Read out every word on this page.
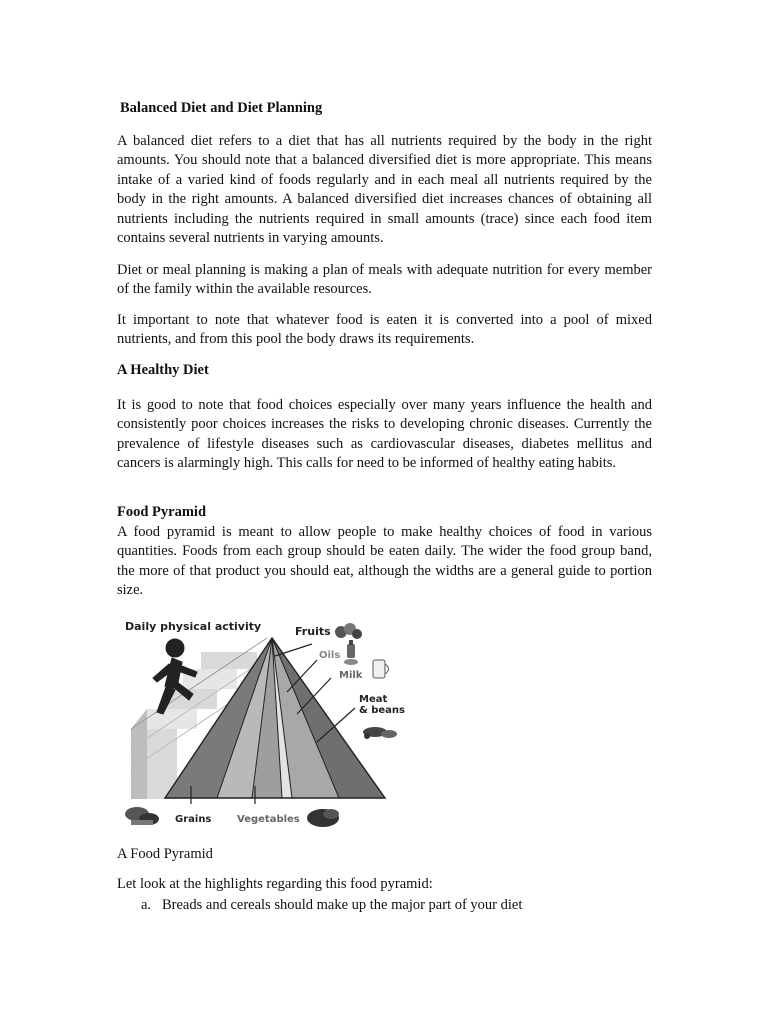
Balanced Diet and Diet Planning

A balanced diet refers to a diet that has all nutrients required by the body in the right amounts. You should note that a balanced diversified diet is more appropriate. This means intake of a varied kind of foods regularly and in each meal all nutrients required by the body in the right amounts. A balanced diversified diet increases chances of obtaining all nutrients including the nutrients required in small amounts (trace) since each food item contains several nutrients in varying amounts.

Diet or meal planning is making a plan of meals with adequate nutrition for every member of the family within the available resources.

It important to note that whatever food is eaten it is converted into a pool of mixed nutrients, and from this pool the body draws its requirements.

A Healthy Diet

It is good to note that food choices especially over many years influence the health and consistently poor choices increases the risks to developing chronic diseases. Currently the prevalence of lifestyle diseases such as cardiovascular diseases, diabetes mellitus and cancers is alarmingly high. This calls for need to be informed of healthy eating habits.

Food Pyramid

A food pyramid is meant to allow people to make healthy choices of food in various quantities. Foods from each group should be eaten daily. The wider the food group band, the more of that product you should eat, although the widths are a general guide to portion size.

Daily physical activity	Fruits
Oils
Milk
Meat
& beans
Grains	Vegetables

A Food Pyramid

Let look at the highlights regarding this food pyramid:

a. Breads and cereals should make up the major part of your diet
